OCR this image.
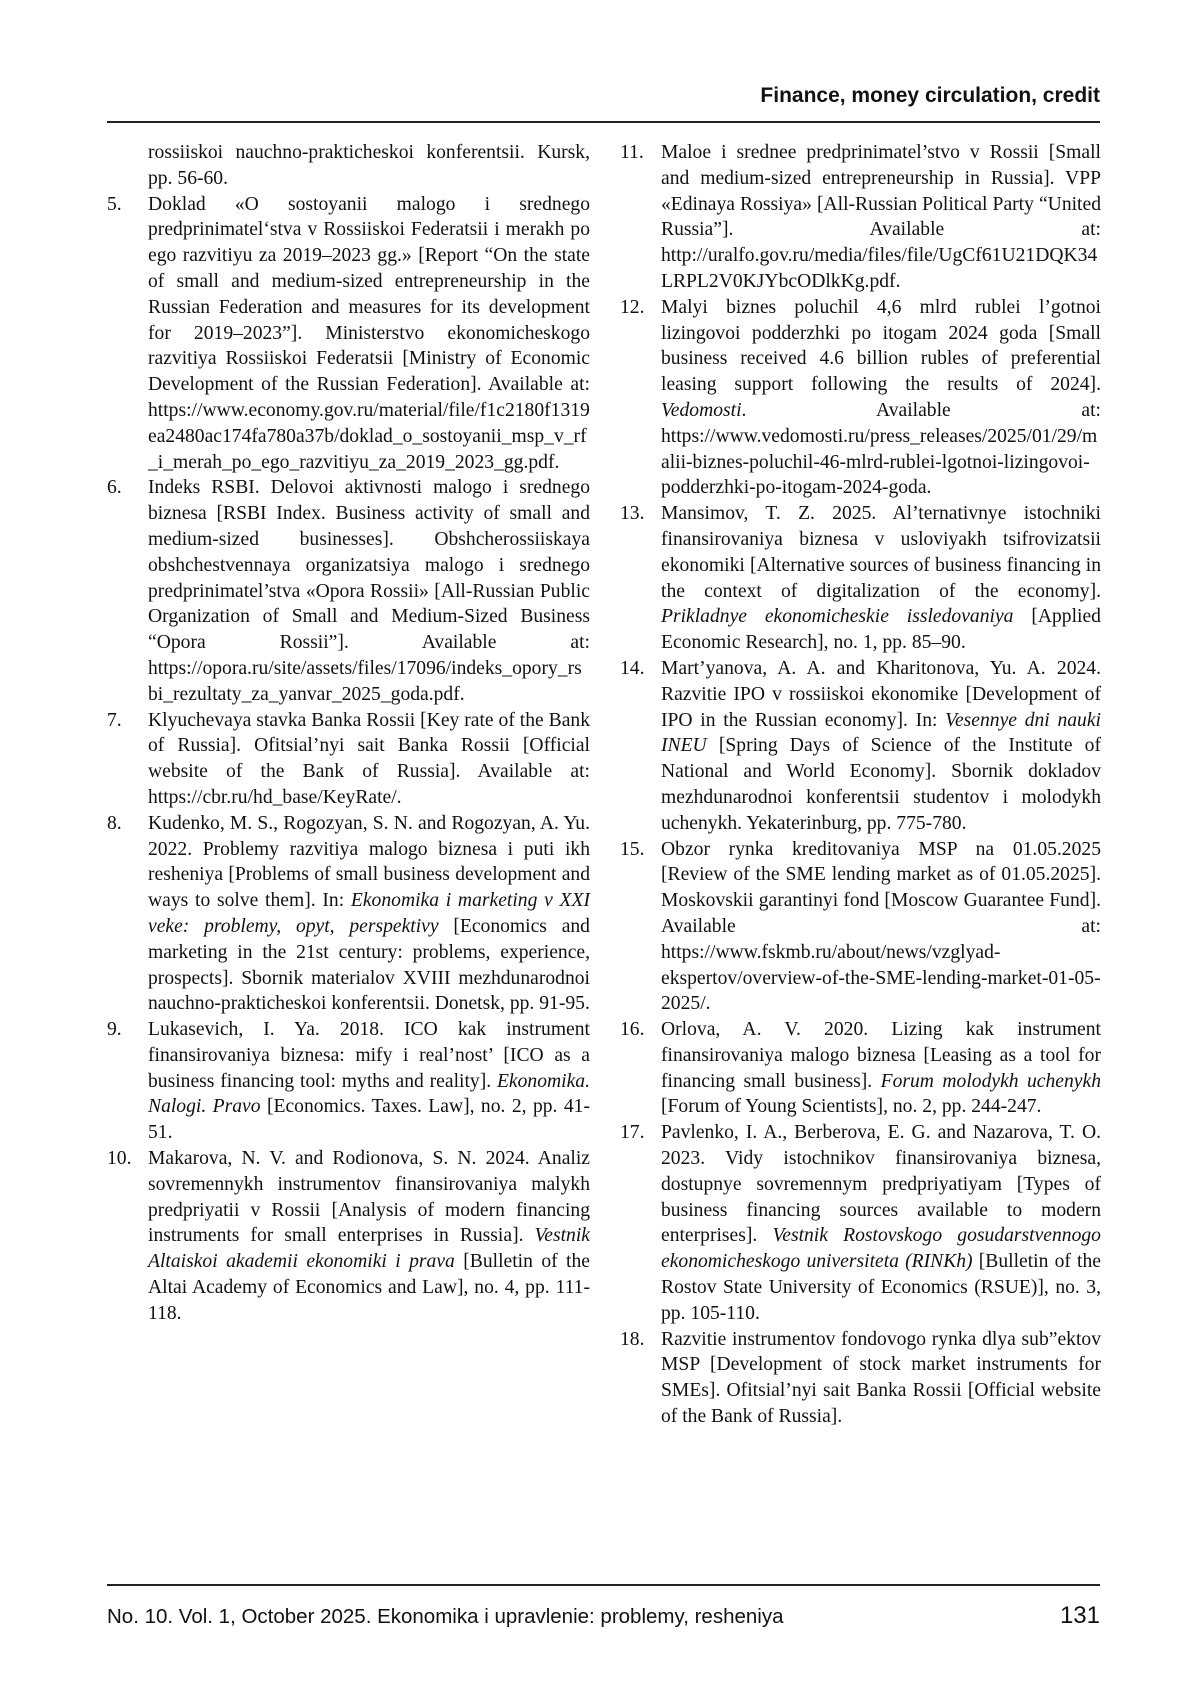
Finance, money circulation, credit
rossiiskoi nauchno-prakticheskoi konferentsii. Kursk, pp. 56-60.
5.	Doklad «O sostoyanii malogo i srednego predprinimatel‘stva v Rossiiskoi Federatsii i merakh po ego razvitiyu za 2019–2023 gg.» [Report “On the state of small and medium-sized entrepreneurship in the Russian Federation and measures for its development for 2019–2023”]. Ministerstvo ekonomicheskogo razvitiya Rossiiskoi Federatsii [Ministry of Economic Development of the Russian Federation]. Available at: https://www.economy.gov.ru/material/file/f1c2180f1319ea2480ac174fa780a37b/doklad_o_sostoyanii_msp_v_rf_i_merah_po_ego_razvitiyu_za_2019_2023_gg.pdf.
6.	Indeks RSBI. Delovoi aktivnosti malogo i srednego biznesa [RSBI Index. Business activity of small and medium-sized businesses]. Obshcherossiiskaya obshchestvennaya organizatsiya malogo i srednego predprinimatel’stva «Opora Rossii» [All-Russian Public Organization of Small and Medium-Sized Business “Opora Rossii”]. Available at: https://opora.ru/site/assets/files/17096/indeks_opory_rsbi_rezultaty_za_yanvar_2025_goda.pdf.
7.	Klyuchevaya stavka Banka Rossii [Key rate of the Bank of Russia]. Ofitsial’nyi sait Banka Rossii [Official website of the Bank of Russia]. Available at: https://cbr.ru/hd_base/KeyRate/.
8.	Kudenko, M. S., Rogozyan, S. N. and Rogozyan, A. Yu. 2022. Problemy razvitiya malogo biznesa i puti ikh resheniya [Problems of small business development and ways to solve them]. In: Ekonomika i marketing v XXI veke: problemy, opyt, perspektivy [Economics and marketing in the 21st century: problems, experience, prospects]. Sbornik materialov XVIII mezhdunarodnoi nauchno-prakticheskoi konferentsii. Donetsk, pp. 91-95.
9.	Lukasevich, I. Ya. 2018. ICO kak instrument finansirovaniya biznesa: mify i real’nost’ [ICO as a business financing tool: myths and reality]. Ekonomika. Nalogi. Pravo [Economics. Taxes. Law], no. 2, pp. 41-51.
10. Makarova, N. V. and Rodionova, S. N. 2024. Analiz sovremennykh instrumentov finansirovaniya malykh predpriyatii v Rossii [Analysis of modern financing instruments for small enterprises in Russia]. Vestnik Altaiskoi akademii ekonomiki i prava [Bulletin of the Altai Academy of Economics and Law], no. 4, pp. 111-118.
11. Maloe i srednee predprinimatel’stvo v Rossii [Small and medium-sized entrepreneurship in Russia]. VPP «Edinaya Rossiya» [All-Russian Political Party “United Russia”]. Available at: http://uralfo.gov.ru/media/files/file/UgCf61U21DQK34LRPL2V0KJYbcODlkKg.pdf.
12. Malyi biznes poluchil 4,6 mlrd rublei l’gotnoi lizingovoi podderzhki po itogam 2024 goda [Small business received 4.6 billion rubles of preferential leasing support following the results of 2024]. Vedomosti. Available at: https://www.vedomosti.ru/press_releases/2025/01/29/malii-biznes-poluchil-46-mlrd-rublei-lgotnoi-lizingovoi-podderzhki-po-itogam-2024-goda.
13. Mansimov, T. Z. 2025. Al’ternativnye istochniki finansirovaniya biznesa v usloviyakh tsifrovizatsii ekonomiki [Alternative sources of business financing in the context of digitalization of the economy]. Prikladnye ekonomicheskie issledovaniya [Applied Economic Research], no. 1, pp. 85–90.
14. Mart’yanova, A. A. and Kharitonova, Yu. A. 2024. Razvitie IPO v rossiiskoi ekonomike [Development of IPO in the Russian economy]. In: Vesennye dni nauki INEU [Spring Days of Science of the Institute of National and World Economy]. Sbornik dokladov mezhdunarodnoi konferentsii studentov i molodykh uchenykh. Yekaterinburg, pp. 775-780.
15. Obzor rynka kreditovaniya MSP na 01.05.2025 [Review of the SME lending market as of 01.05.2025]. Moskovskii garantinyi fond [Moscow Guarantee Fund]. Available at: https://www.fskmb.ru/about/news/vzglyad-ekspertov/overview-of-the-SME-lending-market-01-05-2025/.
16. Orlova, A. V. 2020. Lizing kak instrument finansirovaniya malogo biznesa [Leasing as a tool for financing small business]. Forum molodykh uchenykh [Forum of Young Scientists], no. 2, pp. 244-247.
17. Pavlenko, I. A., Berberova, E. G. and Nazarova, T. O. 2023. Vidy istochnikov finansirovaniya biznesa, dostupnye sovremennym predpriyatiyam [Types of business financing sources available to modern enterprises]. Vestnik Rostovskogo gosudarstvennogo ekonomicheskogo universiteta (RINKh) [Bulletin of the Rostov State University of Economics (RSUE)], no. 3, pp. 105-110.
18. Razvitie instrumentov fondovogo rynka dlya sub”ektov MSP [Development of stock market instruments for SMEs]. Ofitsial’nyi sait Banka Rossii [Official website of the Bank of Russia].
No. 10. Vol. 1, October 2025. Ekonomika i upravlenie: problemy, resheniya	131
